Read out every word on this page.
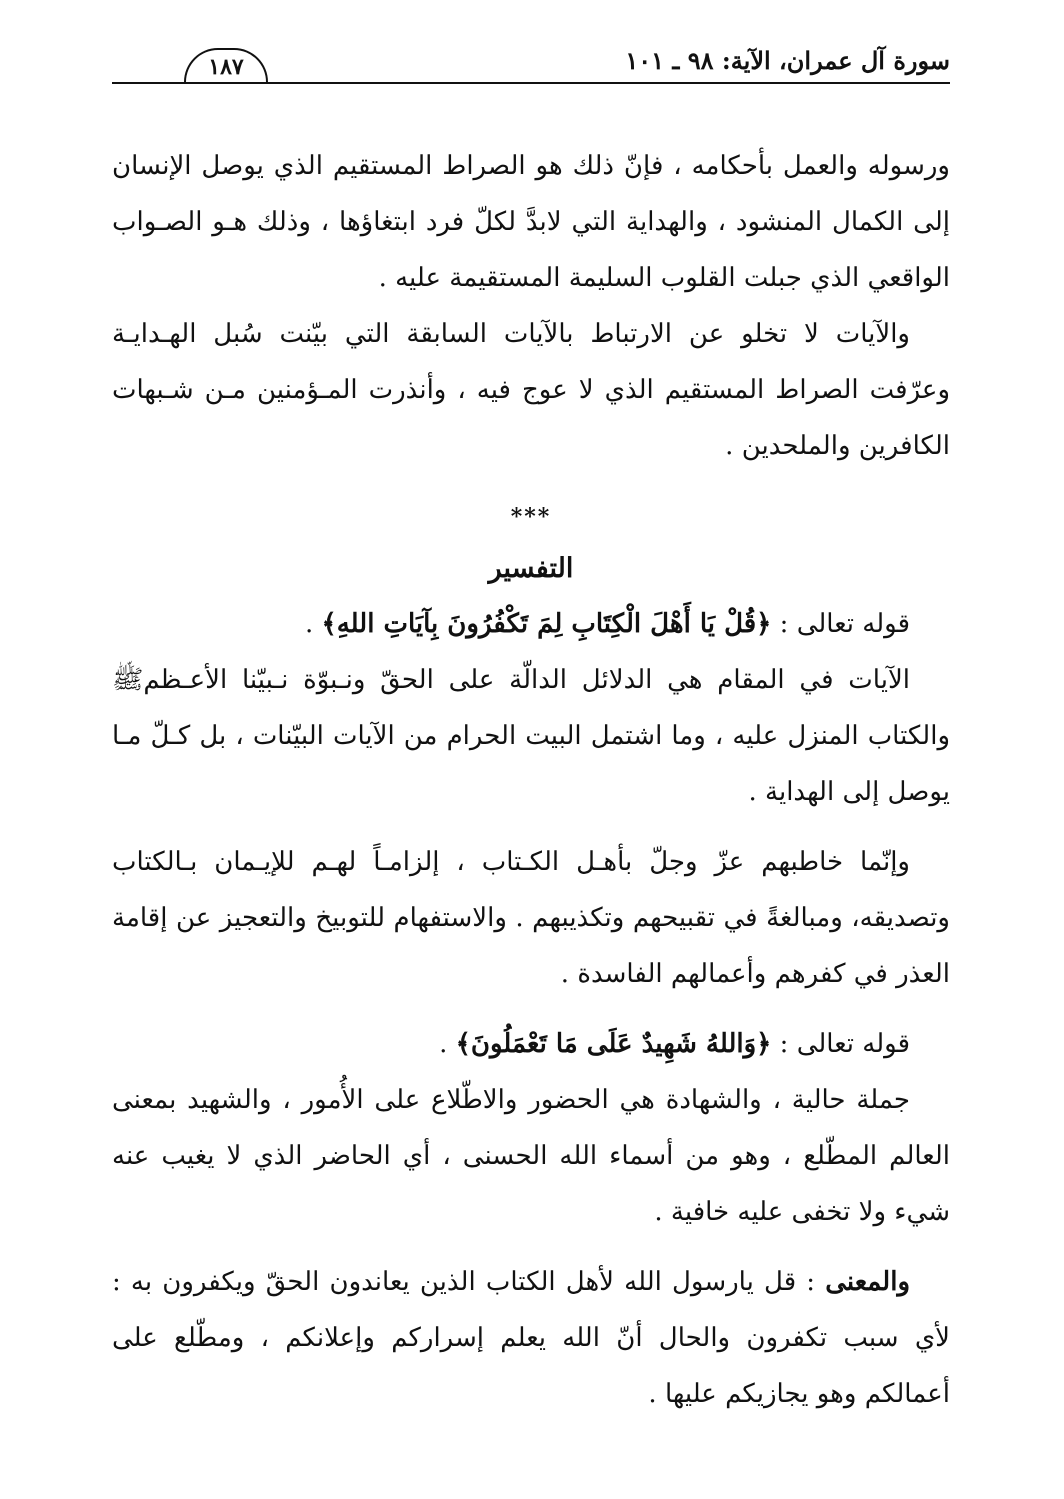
سورة آل عمران، الآية: ٩٨ ـ ١٠١
١٨٧

ورسوله والعمل بأحكامه ، فإنّ ذلك هو الصراط المستقيم الذي يوصل الإنسان إلى الكمال المنشود ، والهداية التي لابدَّ لكلّ فرد ابتغاؤها ، وذلك هـو الصـواب الواقعي الذي جبلت القلوب السليمة المستقيمة عليه .

والآيات لا تخلو عن الارتباط بالآيات السابقة التي بيّنت سُبل الهـدايـة وعرّفت الصراط المستقيم الذي لا عوج فيه ، وأنذرت المـؤمنين مـن شـبهات الكافرين والملحدين .

***
التفسير

قوله تعالى : ﴿قُلْ يَا أَهْلَ الْكِتَابِ لِمَ تَكْفُرُونَ بِآيَاتِ اللهِ﴾ .

الآيات في المقام هي الدلائل الدالّة على الحقّ ونـبوّة نـبيّنا الأعـظمﷺ والكتاب المنزل عليه ، وما اشتمل البيت الحرام من الآيات البيّنات ، بل كـلّ مـا يوصل إلى الهداية .

وإنّما خاطبهم عزّ وجلّ بأهـل الكـتاب ، إلزامـاً لهـم للإيـمان بـالكتاب وتصديقه، ومبالغةً في تقبيحهم وتكذيبهم . والاستفهام للتوبيخ والتعجيز عن إقامة العذر في كفرهم وأعمالهم الفاسدة .

قوله تعالى : ﴿وَاللهُ شَهِيدٌ عَلَى مَا تَعْمَلُونَ﴾ .

جملة حالية ، والشهادة هي الحضور والاطّلاع على الأُمور ، والشهيد بمعنى العالم المطّلع ، وهو من أسماء الله الحسنى ، أي الحاضر الذي لا يغيب عنه شيء ولا تخفى عليه خافية .

والمعنى : قل يارسول الله لأهل الكتاب الذين يعاندون الحقّ ويكفرون به : لأي سبب تكفرون والحال أنّ الله يعلم إسراركم وإعلانكم ، ومطّلع على أعمالكم وهو يجازيكم عليها .
